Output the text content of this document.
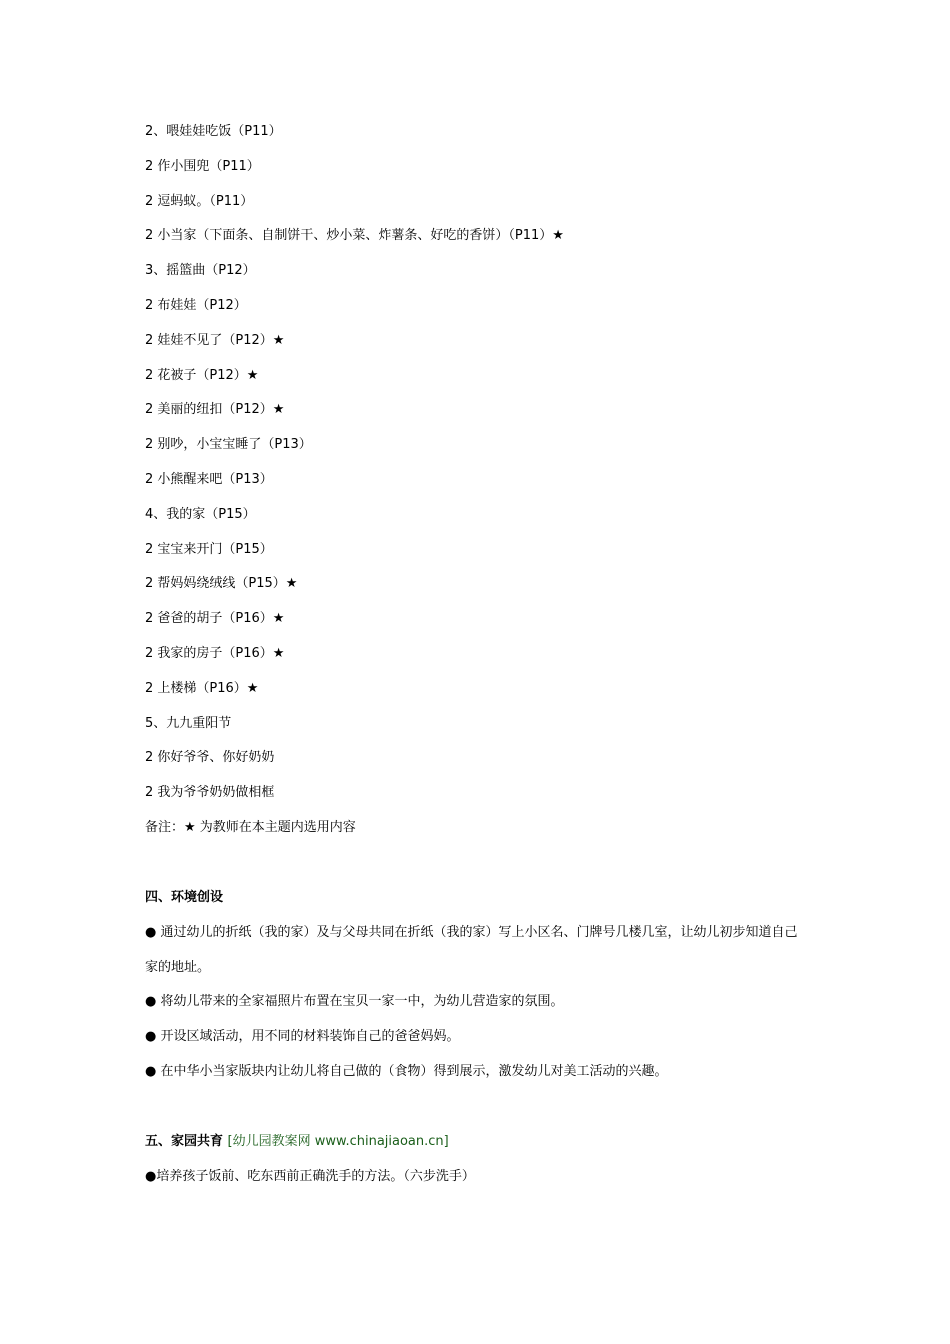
2、喂娃娃吃饭（P11）
2 作小围兜（P11）
2 逗蚂蚁。（P11）
2 小当家（下面条、自制饼干、炒小菜、炸薯条、好吃的香饼）（P11）★
3、摇篮曲（P12）
2 布娃娃（P12）
2 娃娃不见了（P12）★
2 花被子（P12）★
2 美丽的纽扣（P12）★
2 别吵，小宝宝睡了（P13）
2 小熊醒来吧（P13）
4、我的家（P15）
2 宝宝来开门（P15）
2 帮妈妈绕绒线（P15）★
2 爸爸的胡子（P16）★
2 我家的房子（P16）★
2 上楼梯（P16）★
5、九九重阳节
2 你好爷爷、你好奶奶
2 我为爷爷奶奶做相框
备注：★ 为教师在本主题内选用内容
四、环境创设
● 通过幼儿的折纸（我的家）及与父母共同在折纸（我的家）写上小区名、门牌号几楼几室，让幼儿初步知道自己家的地址。
● 将幼儿带来的全家福照片布置在宝贝一家一中，为幼儿营造家的氛围。
● 开设区域活动，用不同的材料装饰自己的爸爸妈妈。
● 在中华小当家版块内让幼儿将自己做的（食物）得到展示，激发幼儿对美工活动的兴趣。
五、家园共育 [幼儿园教案网 www.chinajiaoan.cn]
●培养孩子饭前、吃东西前正确洗手的方法。（六步洗手）
